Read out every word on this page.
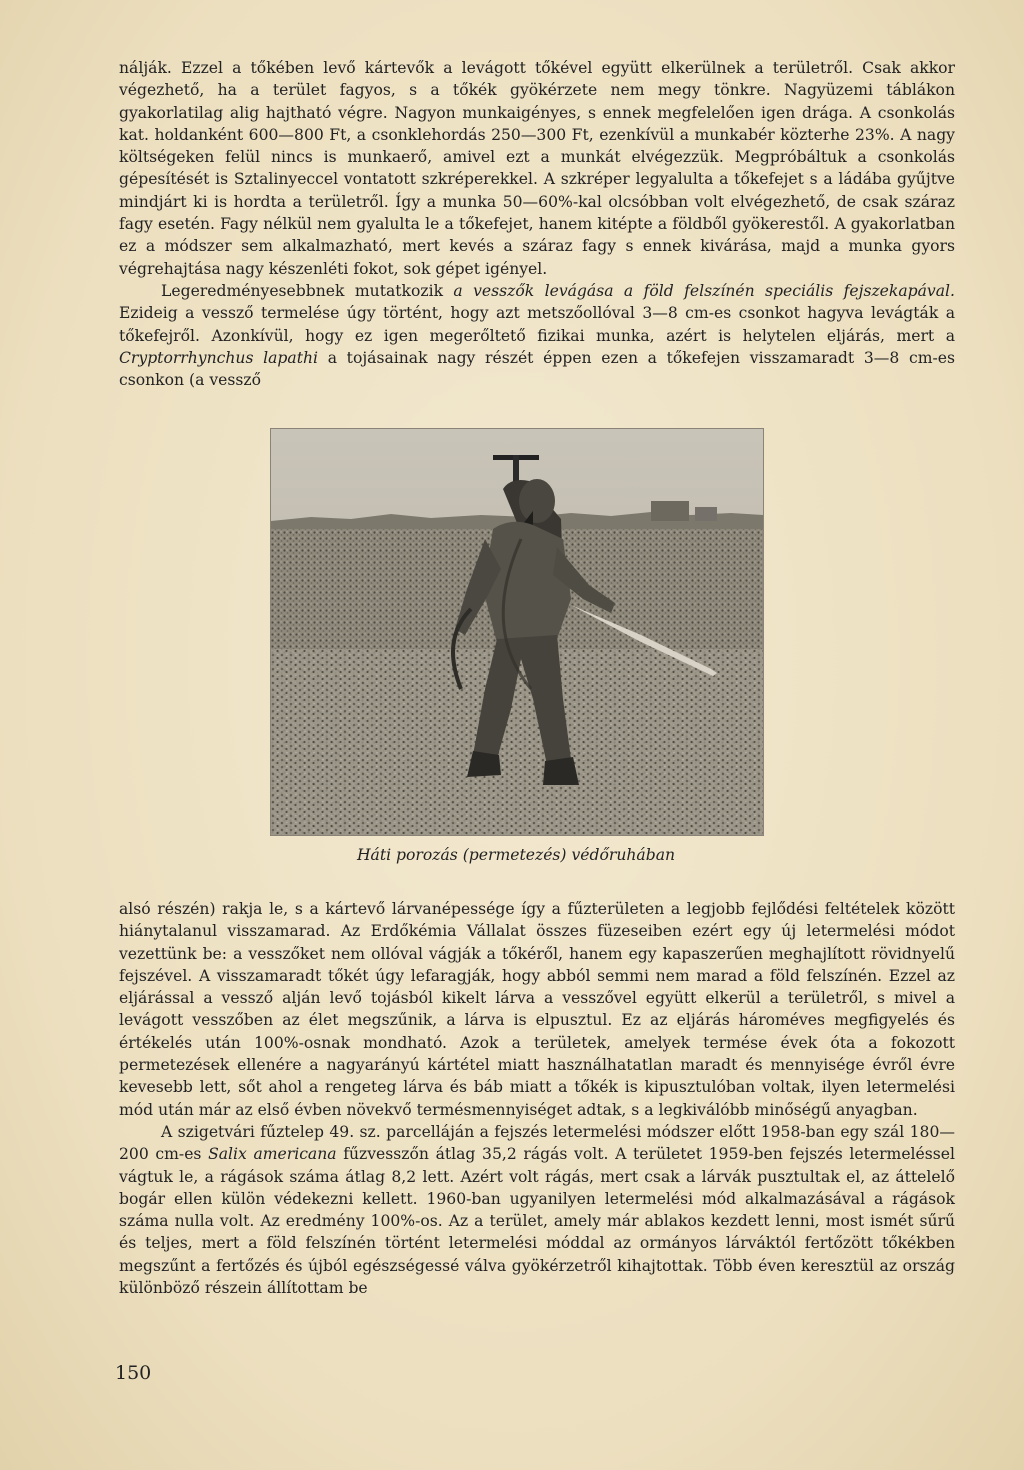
nálják. Ezzel a tőkében levő kártevők a levágott tőkével együtt elkerülnek a területről. Csak akkor végezhető, ha a terület fagyos, s a tőkék gyökérzete nem megy tönkre. Nagyüzemi táblákon gyakorlatilag alig hajtható végre. Nagyon munkaigényes, s ennek megfelelően igen drága. A csonkolás kat. holdanként 600—800 Ft, a csonklehordás 250—300 Ft, ezenkívül a munkabér közterhe 23%. A nagy költségeken felül nincs is munkaerő, amivel ezt a munkát elvégezzük. Megpróbáltuk a csonkolás gépesítését is Sztalinyeccel vontatott szkréperekkel. A szkréper legyalulta a tőkefejet s a ládába gyűjtve mindjárt ki is hordta a területről. Így a munka 50—60%-kal olcsóbban volt elvégezhető, de csak száraz fagy esetén. Fagy nélkül nem gyalulta le a tőkefejet, hanem kitépte a földből gyökerestől. A gyakorlatban ez a módszer sem alkalmazható, mert kevés a száraz fagy s ennek kivárása, majd a munka gyors végrehajtása nagy készenléti fokot, sok gépet igényel.

Legeredményesebbnek mutatkozik a vesszők levágása a föld felszínén speciális fejszekapával. Ezideig a vessző termelése úgy történt, hogy azt metszőollóval 3—8 cm-es csonkot hagyva levágták a tőkefejről. Azonkívül, hogy ez igen megerőltető fizikai munka, azért is helytelen eljárás, mert a Cryptorrhynchus lapathi a tojásainak nagy részét éppen ezen a tőkefejen visszamaradt 3—8 cm-es csonkon (a vessző

Háti porozás (permetezés) védőruhában

alsó részén) rakja le, s a kártevő lárvanépessége így a fűzterületen a legjobb fejlődési feltételek között hiánytalanul visszamarad. Az Erdőkémia Vállalat összes füzeseiben ezért egy új letermelési módot vezettünk be: a vesszőket nem ollóval vágják a tőkéről, hanem egy kapaszerűen meghajlított rövidnyelű fejszével. A visszamaradt tőkét úgy lefaragják, hogy abból semmi nem marad a föld felszínén. Ezzel az eljárással a vessző alján levő tojásból kikelt lárva a vesszővel együtt elkerül a területről, s mivel a levágott vesszőben az élet megszűnik, a lárva is elpusztul. Ez az eljárás hároméves megfigyelés és értékelés után 100%-osnak mondható. Azok a területek, amelyek termése évek óta a fokozott permetezések ellenére a nagyarányú kártétel miatt használhatatlan maradt és mennyisége évről évre kevesebb lett, sőt ahol a rengeteg lárva és báb miatt a tőkék is kipusztulóban voltak, ilyen letermelési mód után már az első évben növekvő termésmennyiséget adtak, s a legkiválóbb minőségű anyagban.

A szigetvári fűztelep 49. sz. parcelláján a fejszés letermelési módszer előtt 1958-ban egy szál 180—200 cm-es Salix americana fűzvesszőn átlag 35,2 rágás volt. A területet 1959-ben fejszés letermeléssel vágtuk le, a rágások száma átlag 8,2 lett. Azért volt rágás, mert csak a lárvák pusztultak el, az áttelelő bogár ellen külön védekezni kellett. 1960-ban ugyanilyen letermelési mód alkalmazásával a rágások száma nulla volt. Az eredmény 100%-os. Az a terület, amely már ablakos kezdett lenni, most ismét sűrű és teljes, mert a föld felszínén történt letermelési móddal az ormányos lárváktól fertőzött tőkékben megszűnt a fertőzés és újból egészségessé válva gyökérzetről kihajtottak. Több éven keresztül az ország különböző részein állítottam be

150
